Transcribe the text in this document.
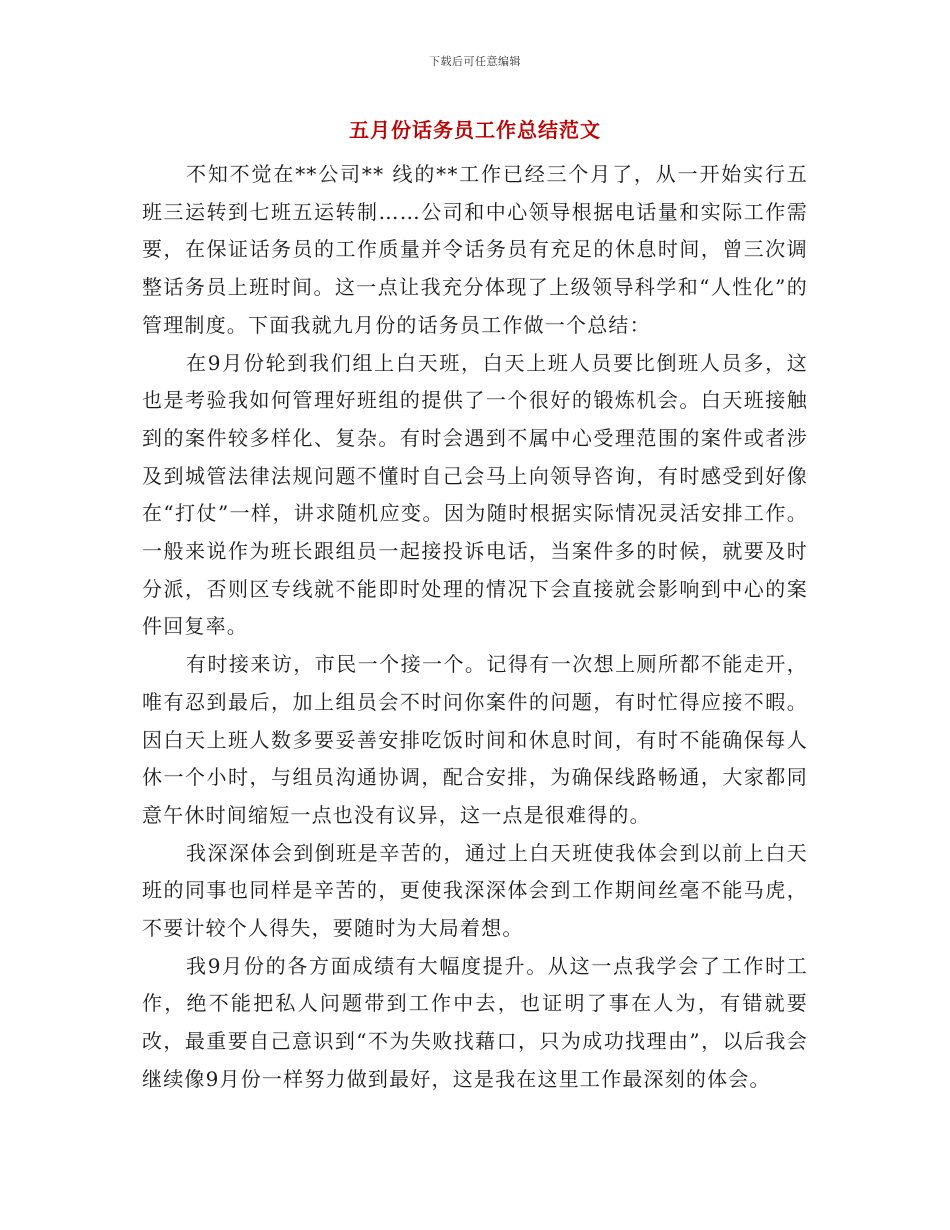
下载后可任意编辑
五月份话务员工作总结范文

不知不觉在**公司** 线的**工作已经三个月了，从一开始实行五班三运转到七班五运转制……公司和中心领导根据电话量和实际工作需要，在保证话务员的工作质量并令话务员有充足的休息时间，曾三次调整话务员上班时间。这一点让我充分体现了上级领导科学和“人性化”的管理制度。下面我就九月份的话务员工作做一个总结：

在9月份轮到我们组上白天班，白天上班人员要比倒班人员多，这也是考验我如何管理好班组的提供了一个很好的锻炼机会。白天班接触到的案件较多样化、复杂。有时会遇到不属中心受理范围的案件或者涉及到城管法律法规问题不懂时自己会马上向领导咨询，有时感受到好像在“打仗”一样，讲求随机应变。因为随时根据实际情况灵活安排工作。一般来说作为班长跟组员一起接投诉电话，当案件多的时候，就要及时分派，否则区专线就不能即时处理的情况下会直接就会影响到中心的案件回复率。

有时接来访，市民一个接一个。记得有一次想上厕所都不能走开，唯有忍到最后，加上组员会不时问你案件的问题，有时忙得应接不暇。因白天上班人数多要妥善安排吃饭时间和休息时间，有时不能确保每人休一个小时，与组员沟通协调，配合安排，为确保线路畅通，大家都同意午休时间缩短一点也没有议异，这一点是很难得的。

我深深体会到倒班是辛苦的，通过上白天班使我体会到以前上白天班的同事也同样是辛苦的，更使我深深体会到工作期间丝毫不能马虎，不要计较个人得失，要随时为大局着想。

我9月份的各方面成绩有大幅度提升。从这一点我学会了工作时工作，绝不能把私人问题带到工作中去，也证明了事在人为，有错就要改，最重要自己意识到“不为失败找藉口，只为成功找理由”，以后我会继续像9月份一样努力做到最好，这是我在这里工作最深刻的体会。
